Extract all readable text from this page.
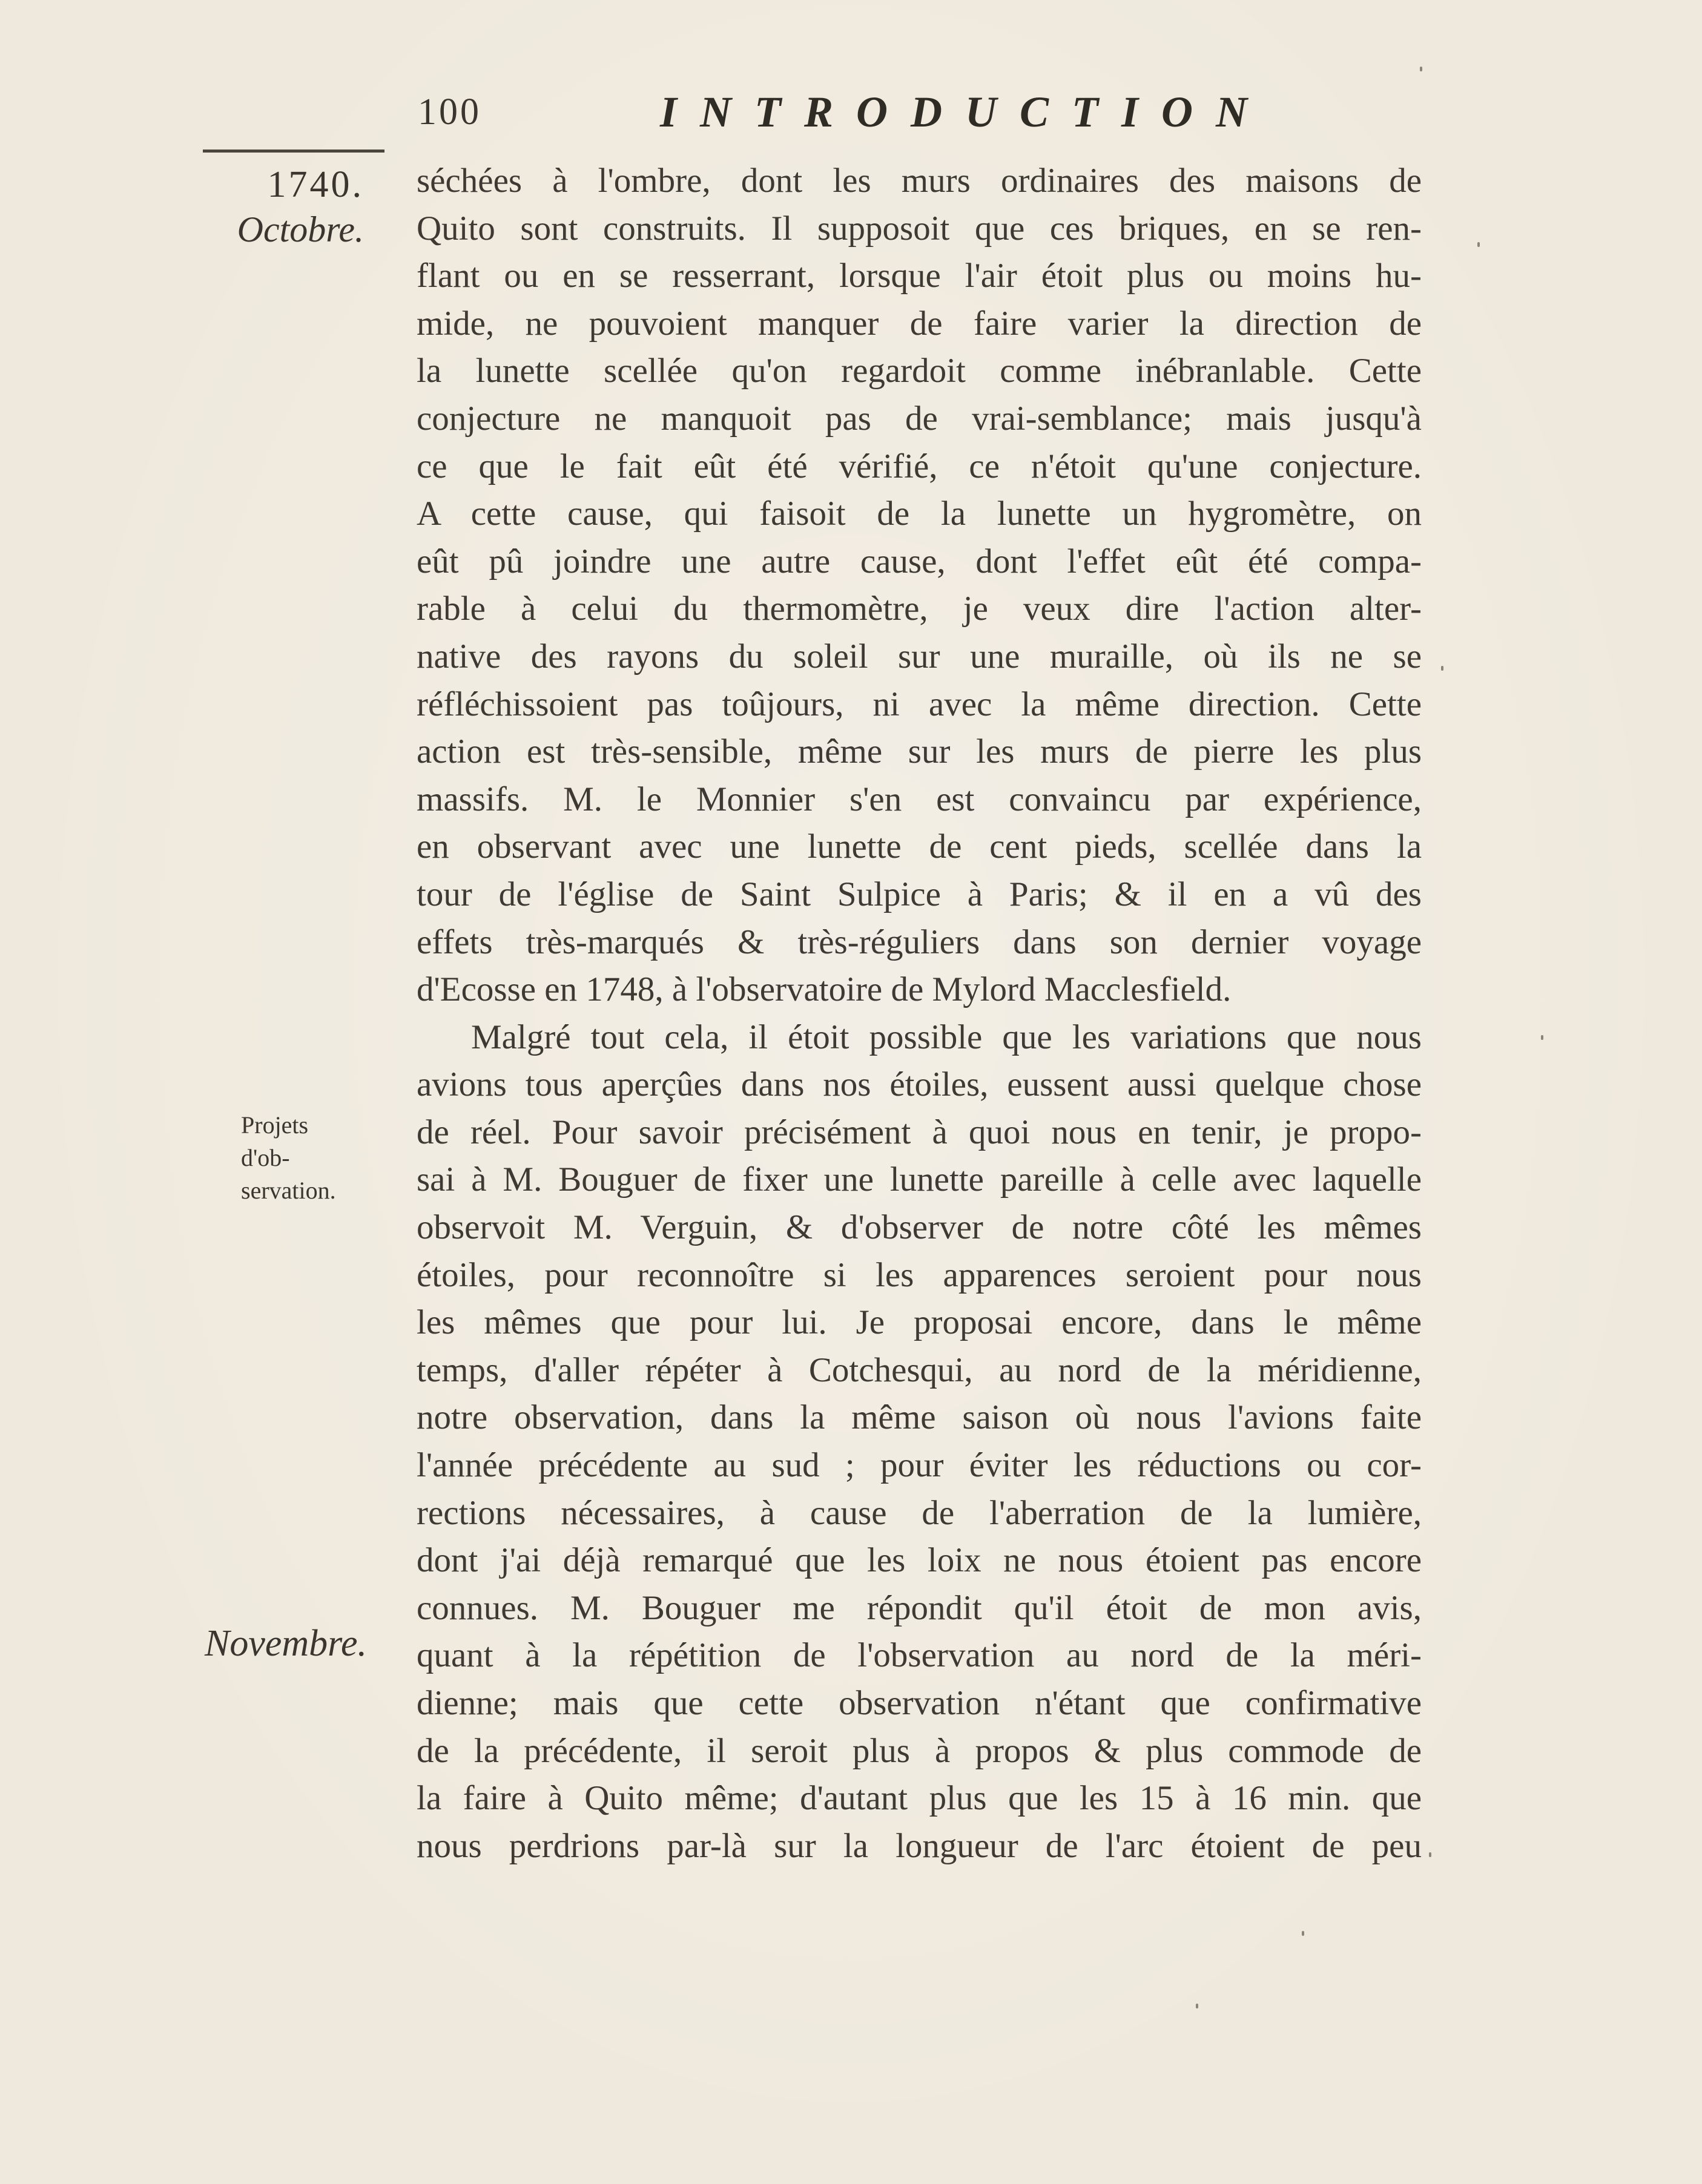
100	INTRODUCTION
1740.
Octobre.
Projets d'ob-servation.
Novembre.
séchées à l'ombre, dont les murs ordinaires des maisons de
Quito sont construits. Il supposoit que ces briques, en se ren-
flant ou en se resserrant, lorsque l'air étoit plus ou moins hu-
mide, ne pouvoient manquer de faire varier la direction de
la lunette scellée qu'on regardoit comme inébranlable. Cette
conjecture ne manquoit pas de vrai-semblance; mais jusqu'à
ce que le fait eût été vérifié, ce n'étoit qu'une conjecture.
A cette cause, qui faisoit de la lunette un hygromètre, on
eût pû joindre une autre cause, dont l'effet eût été compa-
rable à celui du thermomètre, je veux dire l'action alter-
native des rayons du soleil sur une muraille, où ils ne se
réfléchissoient pas toûjours, ni avec la même direction. Cette
action est très-sensible, même sur les murs de pierre les plus
massifs. M. le Monnier s'en est convaincu par expérience,
en observant avec une lunette de cent pieds, scellée dans la
tour de l'église de Saint Sulpice à Paris; & il en a vû des
effets très-marqués & très-réguliers dans son dernier voyage
d'Ecosse en 1748, à l'observatoire de Mylord Macclesfield.
Malgré tout cela, il étoit possible que les variations que nous
avions tous aperçûes dans nos étoiles, eussent aussi quelque chose
de réel. Pour savoir précisément à quoi nous en tenir, je propo-
sai à M. Bouguer de fixer une lunette pareille à celle avec laquelle
observoit M. Verguin, & d'observer de notre côté les mêmes
étoiles, pour reconnoître si les apparences seroient pour nous
les mêmes que pour lui. Je proposai encore, dans le même
temps, d'aller répéter à Cotchesqui, au nord de la méridienne,
notre observation, dans la même saison où nous l'avions faite
l'année précédente au sud ; pour éviter les réductions ou cor-
rections nécessaires, à cause de l'aberration de la lumière,
dont j'ai déjà remarqué que les loix ne nous étoient pas encore
connues. M. Bouguer me répondit qu'il étoit de mon avis,
quant à la répétition de l'observation au nord de la méri-
dienne; mais que cette observation n'étant que confirmative
de la précédente, il seroit plus à propos & plus commode de
la faire à Quito même; d'autant plus que les 15 à 16 min. que
nous perdrions par-là sur la longueur de l'arc étoient de peu
